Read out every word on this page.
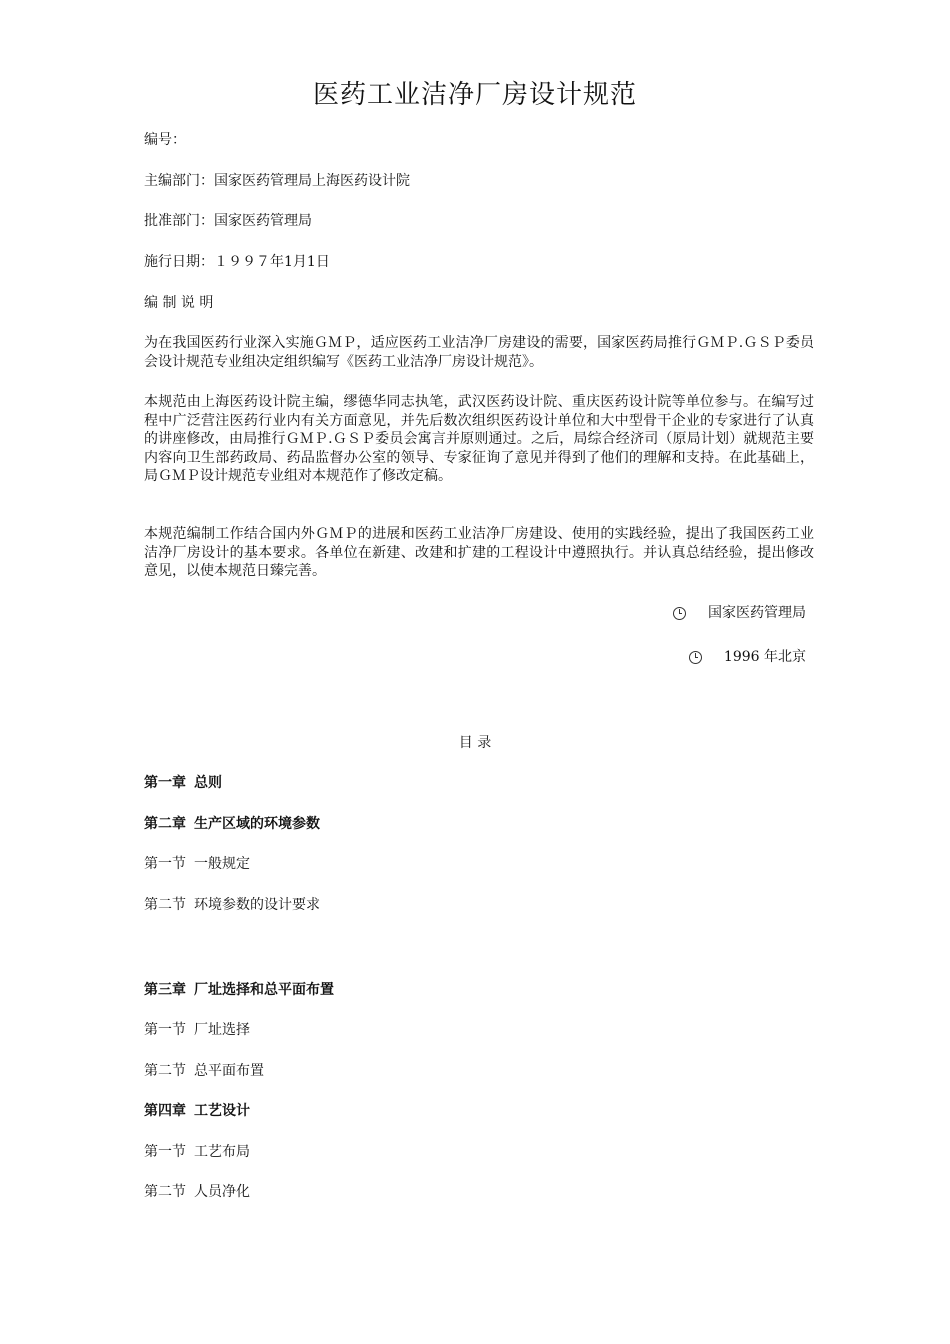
医药工业洁净厂房设计规范
编号：
主编部门：国家医药管理局上海医药设计院
批准部门：国家医药管理局
施行日期：１９９７年1月1日
编 制 说 明

为在我国医药行业深入实施ＧＭＰ，适应医药工业洁净厂房建设的需要，国家医药局推行ＧＭＰ.ＧＳＰ委员会设计规范专业组决定组织编写《医药工业洁净厂房设计规范》。

本规范由上海医药设计院主编，缪德华同志执笔，武汉医药设计院、重庆医药设计院等单位参与。在编写过程中广泛营注医药行业内有关方面意见，并先后数次组织医药设计单位和大中型骨干企业的专家进行了认真的讲座修改，由局推行ＧＭＰ.ＧＳＰ委员会寓言并原则通过。之后，局综合经济司（原局计划）就规范主要内容向卫生部药政局、药品监督办公室的领导、专家征询了意见并得到了他们的理解和支持。在此基础上，局ＧＭＰ设计规范专业组对本规范作了修改定稿。

本规范编制工作结合国内外ＧＭＰ的进展和医药工业洁净厂房建设、使用的实践经验，提出了我国医药工业洁净厂房设计的基本要求。各单位在新建、改建和扩建的工程设计中遵照执行。并认真总结经验，提出修改意见，以使本规范日臻完善。

国家医药管理局
1996 年北京
目 录
第一章 总则
第二章 生产区域的环境参数
第一节 一般规定
第二节 环境参数的设计要求
第三章 厂址选择和总平面布置
第一节 厂址选择
第二节 总平面布置
第四章 工艺设计
第一节 工艺布局
第二节 人员净化
